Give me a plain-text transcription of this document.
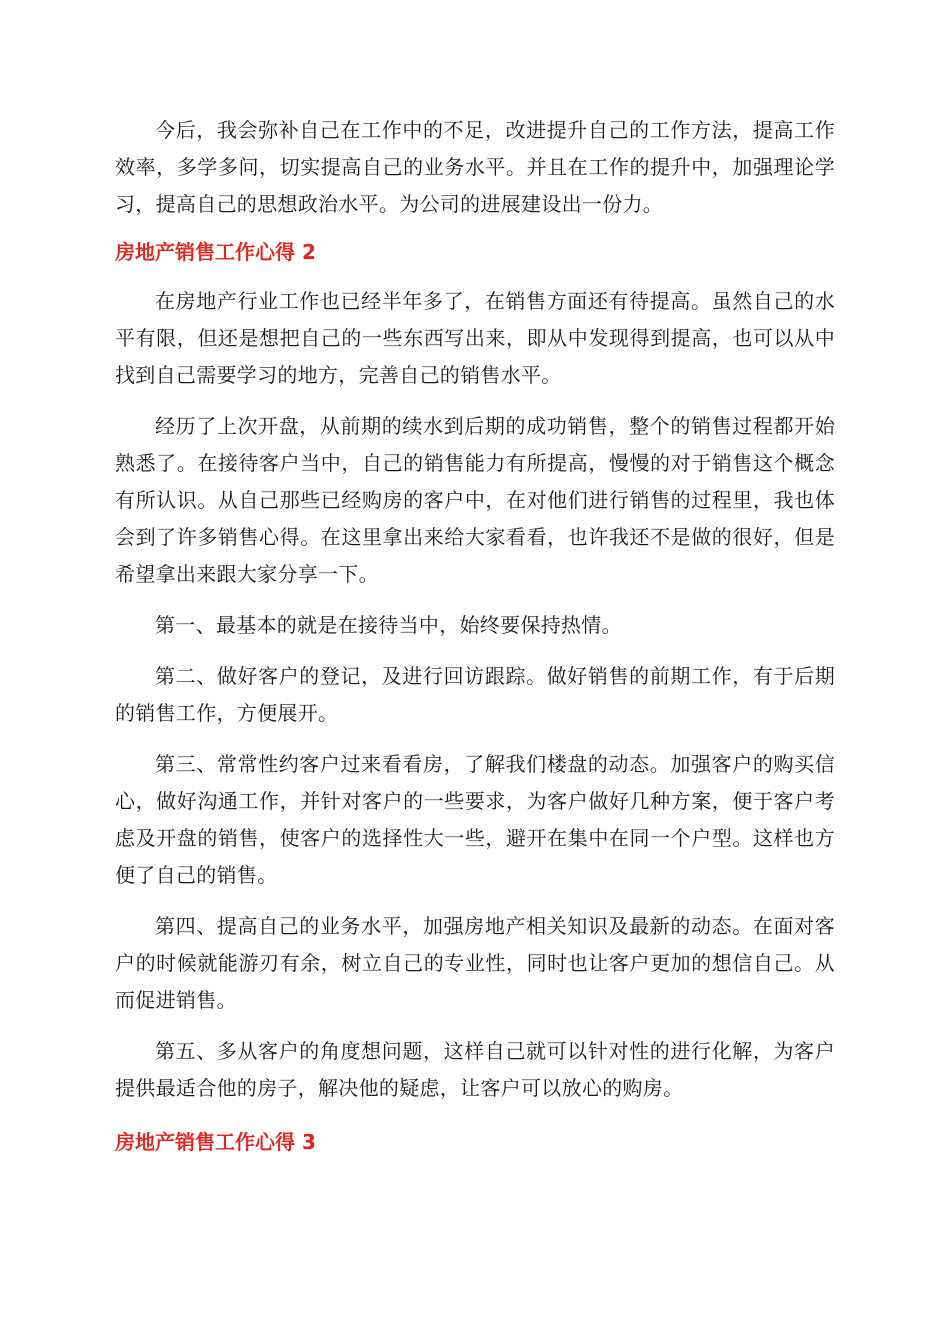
今后，我会弥补自己在工作中的不足，改进提升自己的工作方法，提高工作效率，多学多问，切实提高自己的业务水平。并且在工作的提升中，加强理论学习，提高自己的思想政治水平。为公司的进展建设出一份力。

房地产销售工作心得 2

在房地产行业工作也已经半年多了，在销售方面还有待提高。虽然自己的水平有限，但还是想把自己的一些东西写出来，即从中发现得到提高，也可以从中找到自己需要学习的地方，完善自己的销售水平。

经历了上次开盘，从前期的续水到后期的成功销售，整个的销售过程都开始熟悉了。在接待客户当中，自己的销售能力有所提高，慢慢的对于销售这个概念有所认识。从自己那些已经购房的客户中，在对他们进行销售的过程里，我也体会到了许多销售心得。在这里拿出来给大家看看，也许我还不是做的很好，但是希望拿出来跟大家分享一下。

第一、最基本的就是在接待当中，始终要保持热情。

第二、做好客户的登记，及进行回访跟踪。做好销售的前期工作，有于后期的销售工作，方便展开。

第三、常常性约客户过来看看房，了解我们楼盘的动态。加强客户的购买信心，做好沟通工作，并针对客户的一些要求，为客户做好几种方案，便于客户考虑及开盘的销售，使客户的选择性大一些，避开在集中在同一个户型。这样也方便了自己的销售。

第四、提高自己的业务水平，加强房地产相关知识及最新的动态。在面对客户的时候就能游刃有余，树立自己的专业性，同时也让客户更加的想信自己。从而促进销售。

第五、多从客户的角度想问题，这样自己就可以针对性的进行化解，为客户提供最适合他的房子，解决他的疑虑，让客户可以放心的购房。

房地产销售工作心得 3
